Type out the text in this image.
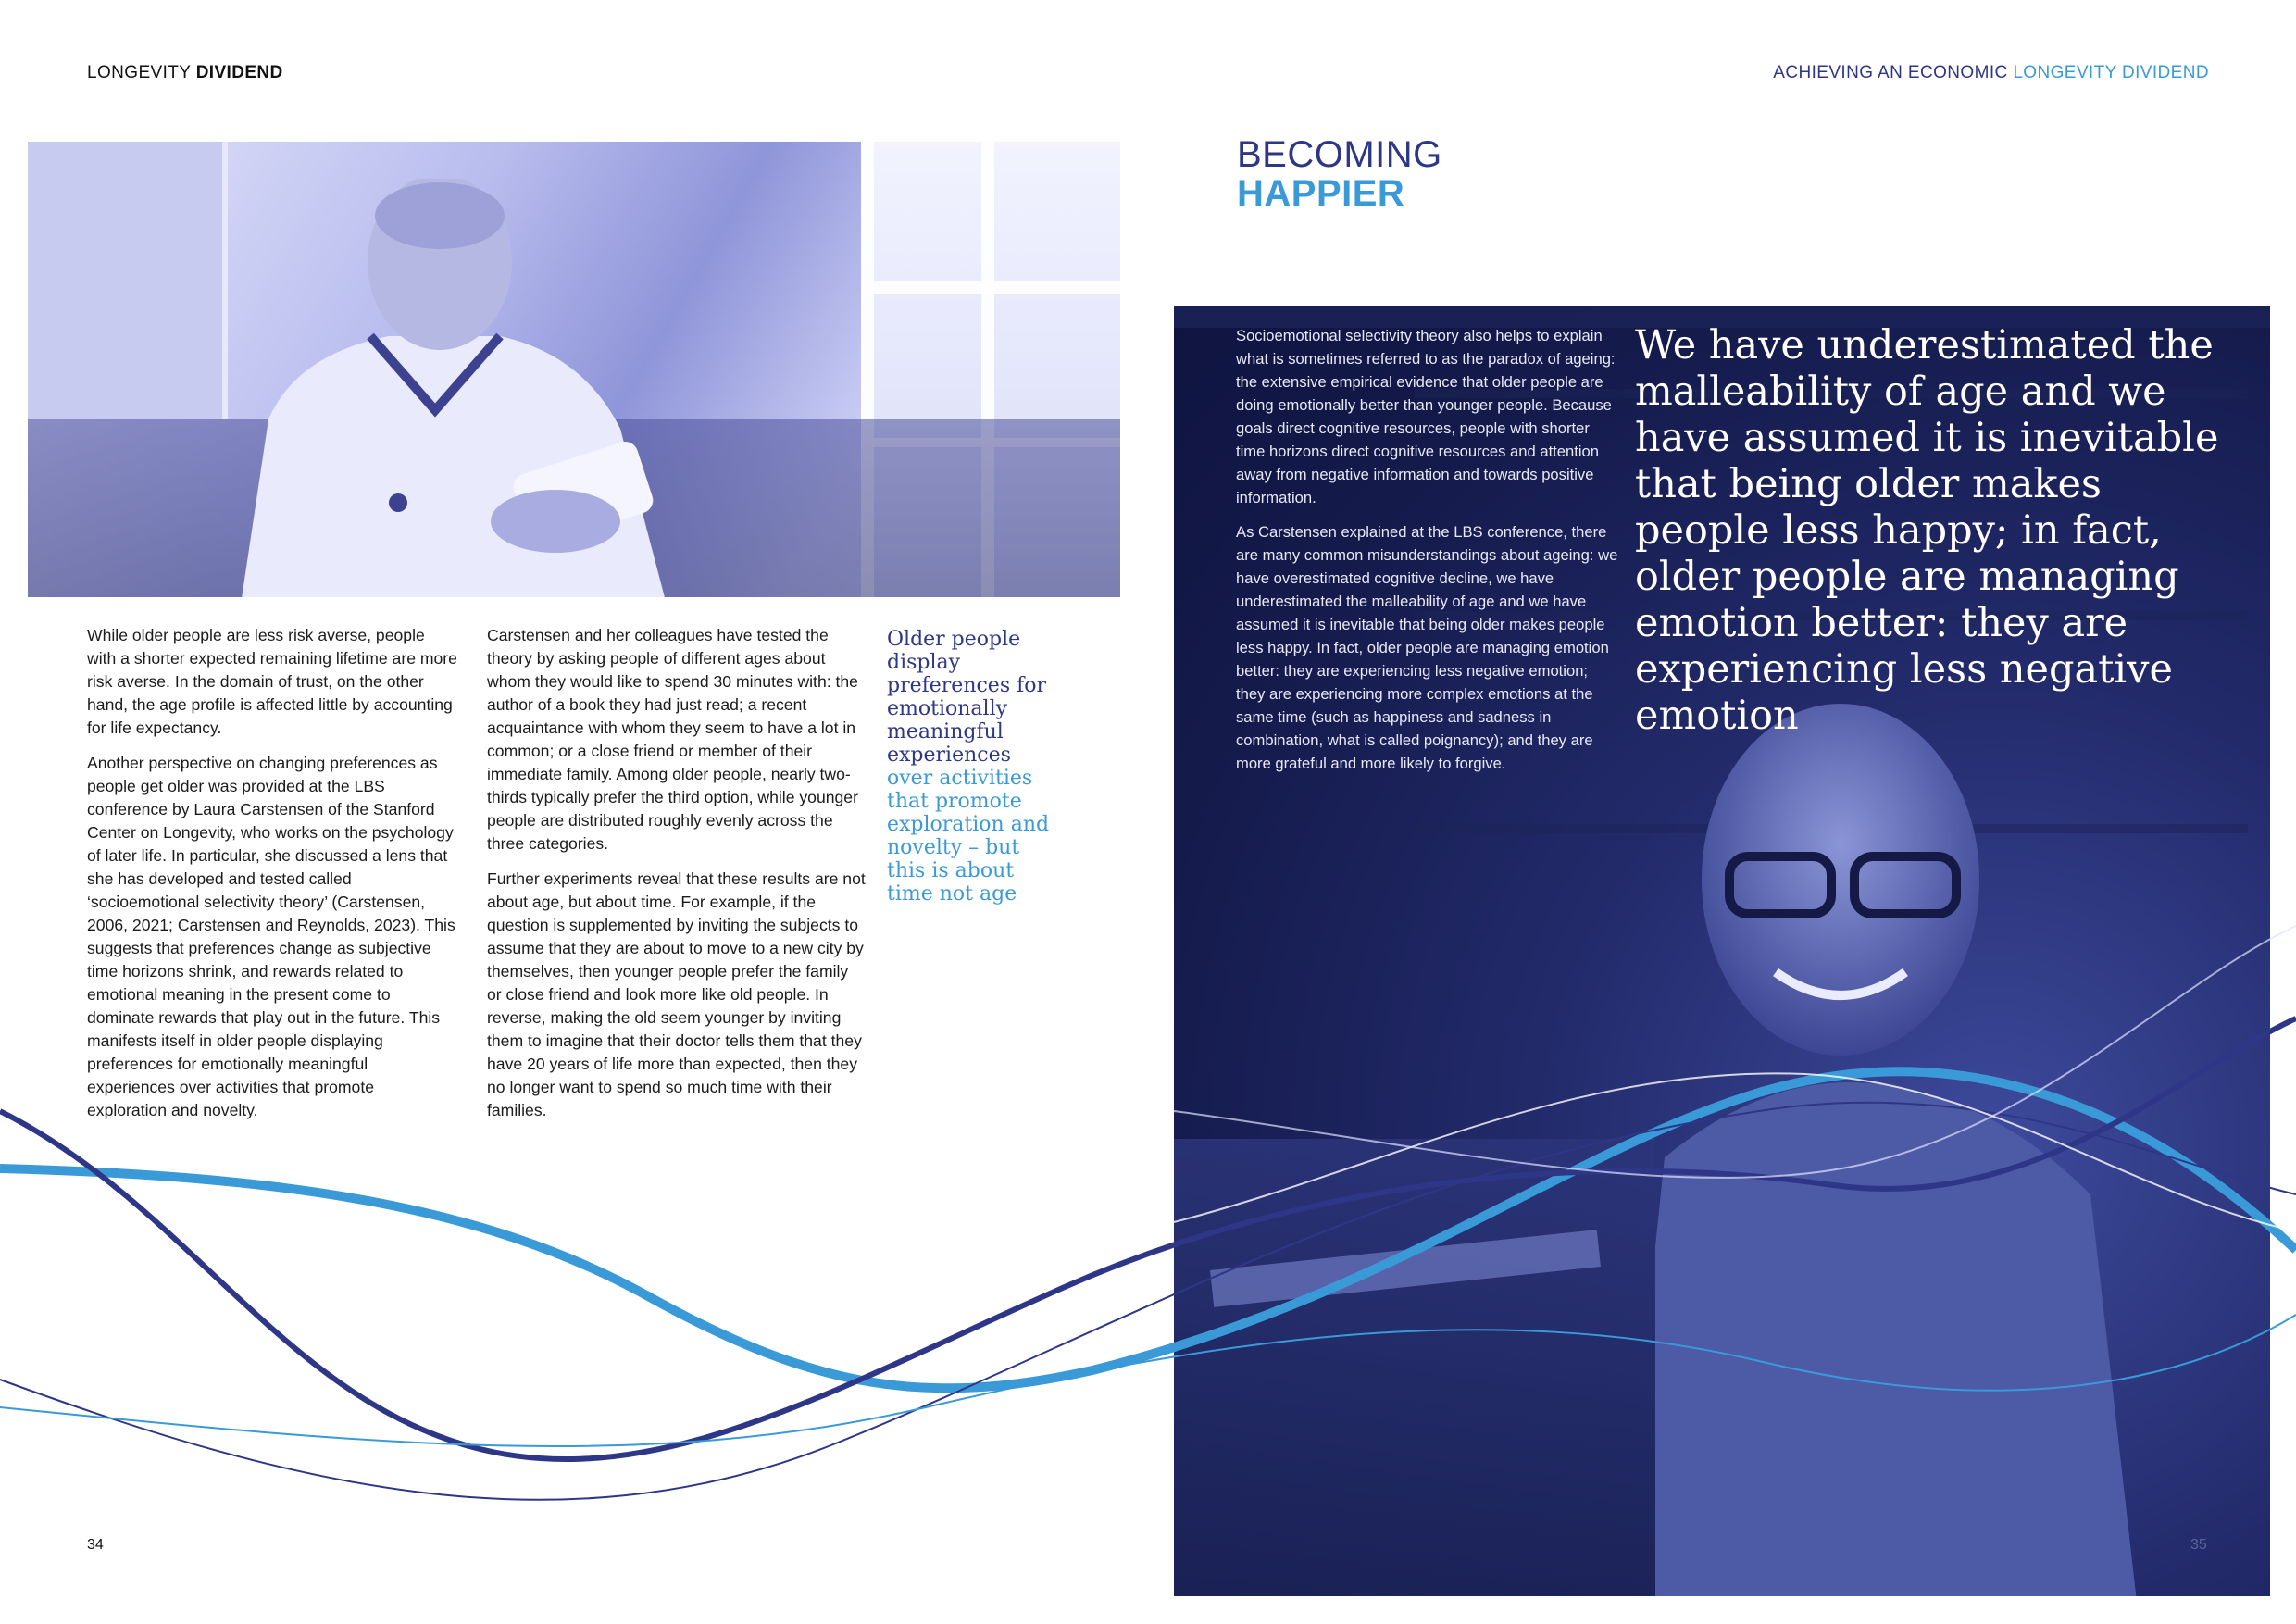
LONGEVITY DIVIDEND	ACHIEVING AN ECONOMIC LONGEVITY DIVIDEND
BECOMING
HAPPIER

Socioemotional selectivity theory also helps to explain what is sometimes referred to as the paradox of ageing: the extensive empirical evidence that older people are doing emotionally better than younger people. Because goals direct cognitive resources, people with shorter time horizons direct cognitive resources and attention away from negative information and towards positive information.

As Carstensen explained at the LBS conference, there are many common misunderstandings about ageing: we have overestimated cognitive decline, we have underestimated the malleability of age and we have assumed it is inevitable that being older makes people less happy. In fact, older people are managing emotion better: they are experiencing less negative emotion; they are experiencing more complex emotions at the same time (such as happiness and sadness in combination, what is called poignancy); and they are more grateful and more likely to forgive.

We have underestimated the malleability of age and we have assumed it is inevitable that being older makes people less happy; in fact, older people are managing emotion better: they are experiencing less negative emotion

While older people are less risk averse, people with a shorter expected remaining lifetime are more risk averse. In the domain of trust, on the other hand, the age profile is affected little by accounting for life expectancy.

Another perspective on changing preferences as people get older was provided at the LBS conference by Laura Carstensen of the Stanford Center on Longevity, who works on the psychology of later life. In particular, she discussed a lens that she has developed and tested called ‘socioemotional selectivity theory’ (Carstensen, 2006, 2021; Carstensen and Reynolds, 2023). This suggests that preferences change as subjective time horizons shrink, and rewards related to emotional meaning in the present come to dominate rewards that play out in the future. This manifests itself in older people displaying preferences for emotionally meaningful experiences over activities that promote exploration and novelty.

Carstensen and her colleagues have tested the theory by asking people of different ages about whom they would like to spend 30 minutes with: the author of a book they had just read; a recent acquaintance with whom they seem to have a lot in common; or a close friend or member of their immediate family. Among older people, nearly two-thirds typically prefer the third option, while younger people are distributed roughly evenly across the three categories.

Further experiments reveal that these results are not about age, but about time. For example, if the question is supplemented by inviting the subjects to assume that they are about to move to a new city by themselves, then younger people prefer the family or close friend and look more like old people. In reverse, making the old seem younger by inviting them to imagine that their doctor tells them that they have 20 years of life more than expected, then they no longer want to spend so much time with their families.

Older people display preferences for emotionally meaningful experiences over activities that promote exploration and novelty – but this is about time not age
34	35
